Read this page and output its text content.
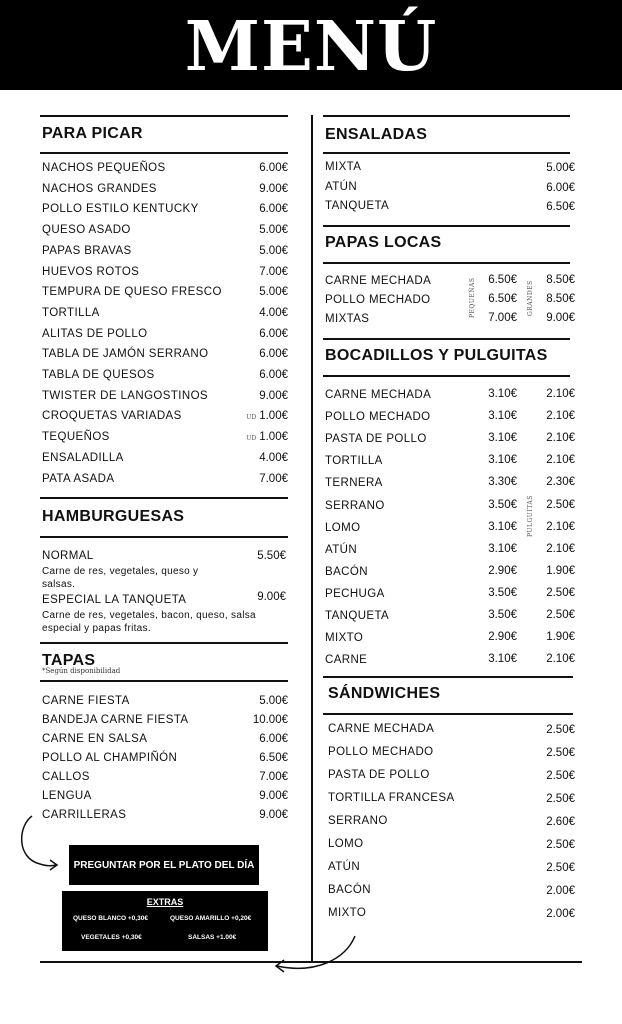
MENÚ
PARA PICAR
NACHOS PEQUEÑOS	6.00€
NACHOS GRANDES	9.00€
POLLO ESTILO KENTUCKY	6.00€
QUESO ASADO	5.00€
PAPAS BRAVAS	5.00€
HUEVOS ROTOS	7.00€
TEMPURA DE QUESO FRESCO	5.00€
TORTILLA	4.00€
ALITAS DE POLLO	6.00€
TABLA DE JAMÓN SERRANO	6.00€
TABLA DE QUESOS	6.00€
TWISTER DE LANGOSTINOS	9.00€
CROQUETAS VARIADAS	UD 1.00€
TEQUEÑOS	UD 1.00€
ENSALADILLA	4.00€
PATA ASADA	7.00€
HAMBURGUESAS
NORMAL	5.50€
Carne de res, vegetales, queso y salsas.
ESPECIAL LA TANQUETA	9.00€
Carne de res, vegetales, bacon, queso, salsa especial y papas fritas.
TAPAS
*Según disponibilidad
CARNE FIESTA	5.00€
BANDEJA CARNE FIESTA	10.00€
CARNE EN SALSA	6.00€
POLLO AL CHAMPIÑÓN	6.50€
CALLOS	7.00€
LENGUA	9.00€
CARRILLERAS	9.00€
PREGUNTAR POR EL PLATO DEL DÍA
EXTRAS
QUESO BLANCO +0,30€	QUESO AMARILLO +0,20€
VEGETALES +0,30€	SALSAS +1.00€
ENSALADAS
MIXTA	5.00€
ATÚN	6.00€
TANQUETA	6.50€
PAPAS LOCAS
PEQUEÑAS	GRANDES
CARNE MECHADA	6.50€	8.50€
POLLO MECHADO	6.50€	8.50€
MIXTAS	7.00€	9.00€
BOCADILLOS Y PULGUITAS
PULGUITAS
CARNE MECHADA	3.10€	2.10€
POLLO MECHADO	3.10€	2.10€
PASTA DE POLLO	3.10€	2.10€
TORTILLA	3.10€	2.10€
TERNERA	3.30€	2.30€
SERRANO	3.50€	2.50€
LOMO	3.10€	2.10€
ATÚN	3.10€	2.10€
BACÓN	2.90€	1.90€
PECHUGA	3.50€	2.50€
TANQUETA	3.50€	2.50€
MIXTO	2.90€	1.90€
CARNE	3.10€	2.10€
SÁNDWICHES
CARNE MECHADA	2.50€
POLLO MECHADO	2.50€
PASTA DE POLLO	2.50€
TORTILLA FRANCESA	2.50€
SERRANO	2.60€
LOMO	2.50€
ATÚN	2.50€
BACÓN	2.00€
MIXTO	2.00€
